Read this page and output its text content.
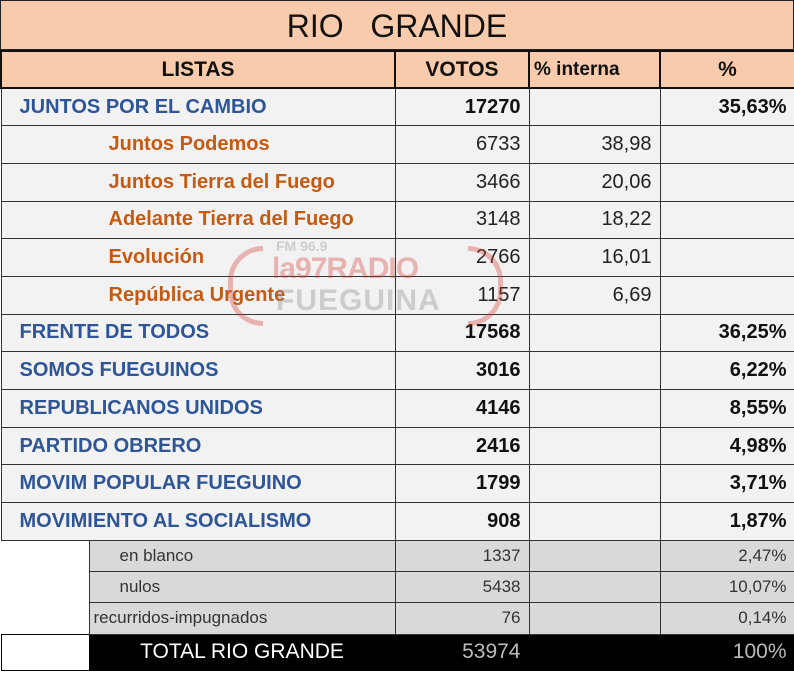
RIO   GRANDE
LISTAS		VOTOS	% interna	%
JUNTOS POR EL CAMBIO		17270		35,63%
Juntos Podemos		6733	38,98	
Juntos Tierra del Fuego		3466	20,06	
Adelante Tierra del Fuego		3148	18,22	
Evolución		2766	16,01	
República Urgente		1157	6,69	
FRENTE DE TODOS		17568		36,25%
SOMOS FUEGUINOS		3016		6,22%
REPUBLICANOS UNIDOS		4146		8,55%
PARTIDO OBRERO		2416		4,98%
MOVIM POPULAR FUEGUINO		1799		3,71%
MOVIMIENTO AL SOCIALISMO		908		1,87%
	en blanco	1337		2,47%
	nulos	5438		10,07%
	recurridos-impugnados	76		0,14%
	TOTAL RIO GRANDE	53974		100%
FM 96.9
la97RADIO
FUEGUINA
